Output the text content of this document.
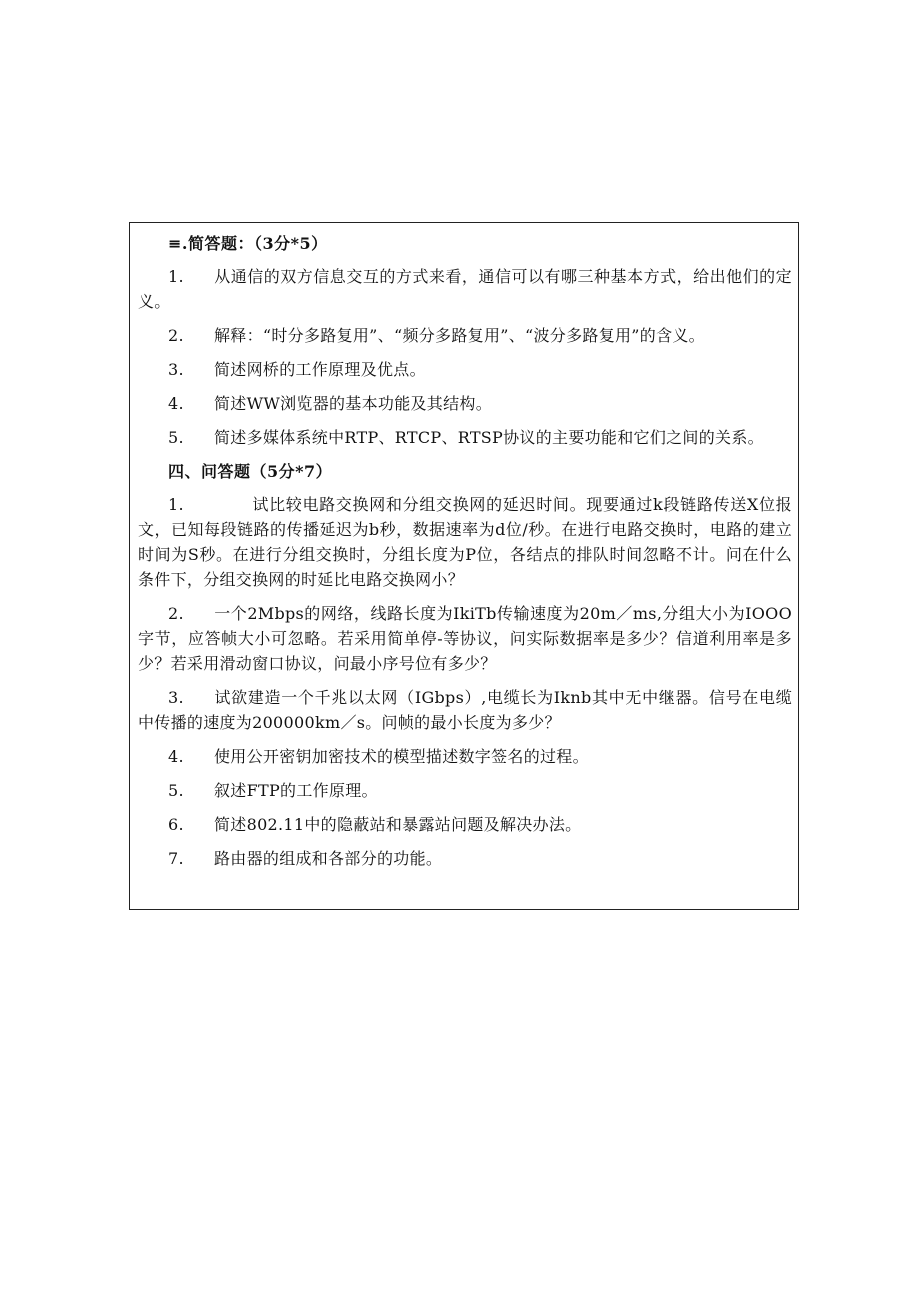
≡.简答题：（3分*5）

1. 从通信的双方信息交互的方式来看，通信可以有哪三种基本方式，给出他们的定义。

2. 解释：“时分多路复用”、“频分多路复用”、“波分多路复用”的含义。

3. 简述网桥的工作原理及优点。

4. 简述WW浏览器的基本功能及其结构。

5. 简述多媒体系统中RTP、RTCP、RTSP协议的主要功能和它们之间的关系。

四、问答题（5分*7）

1.	试比较电路交换网和分组交换网的延迟时间。现要通过k段链路传送X位报文，已知每段链路的传播延迟为b秒，数据速率为d位/秒。在进行电路交换时，电路的建立时间为S秒。在进行分组交换时，分组长度为P位，各结点的排队时间忽略不计。问在什么条件下，分组交换网的时延比电路交换网小？

2. 一个2Mbps的网络，线路长度为IkiTb传输速度为20m／ms,分组大小为IOOO字节，应答帧大小可忽略。若采用简单停-等协议，问实际数据率是多少？信道利用率是多少？若采用滑动窗口协议，问最小序号位有多少？

3. 试欲建造一个千兆以太网（IGbps）,电缆长为Iknb其中无中继器。信号在电缆中传播的速度为200000km／s。问帧的最小长度为多少？

4. 使用公开密钥加密技术的模型描述数字签名的过程。

5. 叙述FTP的工作原理。

6. 简述802.11中的隐蔽站和暴露站问题及解决办法。

7. 路由器的组成和各部分的功能。
